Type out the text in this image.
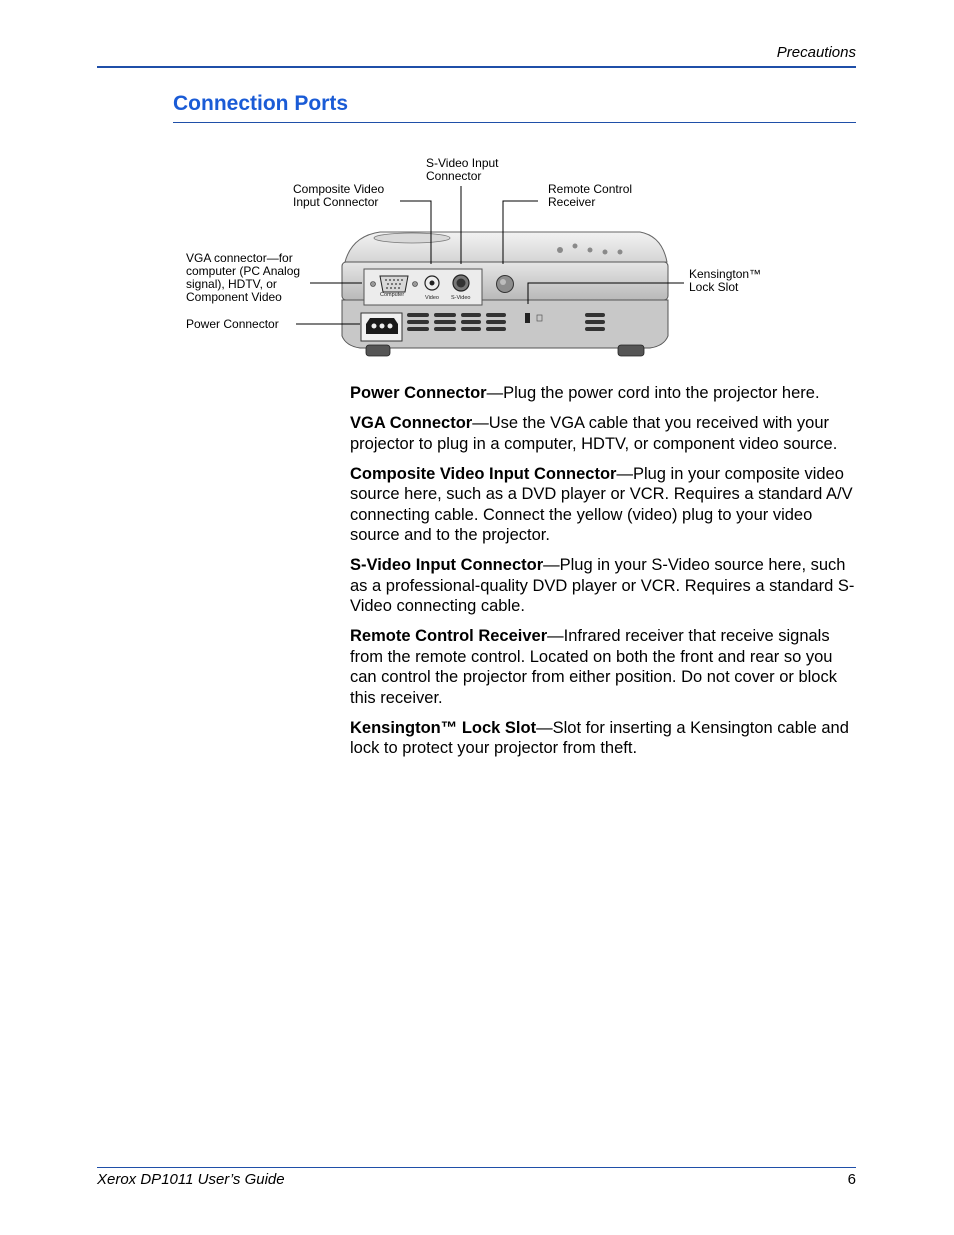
Precautions
Connection Ports
Computer	Video S-Video
S-Video Input
Connector
Composite Video
Input Connector
Remote Control
Receiver
VGA connector—for
computer (PC Analog
signal), HDTV, or
Component Video
Kensington™
Lock Slot
Power Connector

Power Connector—Plug the power cord into the projector here.

VGA Connector—Use the VGA cable that you received with your projector to plug in a computer, HDTV, or component video source.

Composite Video Input Connector—Plug in your composite video source here, such as a DVD player or VCR. Requires a standard A/V connecting cable. Connect the yellow (video) plug to your video source and to the projector.

S-Video Input Connector—Plug in your S-Video source here, such as a professional-quality DVD player or VCR. Requires a standard S-Video connecting cable.

Remote Control Receiver—Infrared receiver that receive signals from the remote control. Located on both the front and rear so you can control the projector from either position. Do not cover or block this receiver.

Kensington™ Lock Slot—Slot for inserting a Kensington cable and lock to protect your projector from theft.

Xerox DP1011 User’s Guide	6
